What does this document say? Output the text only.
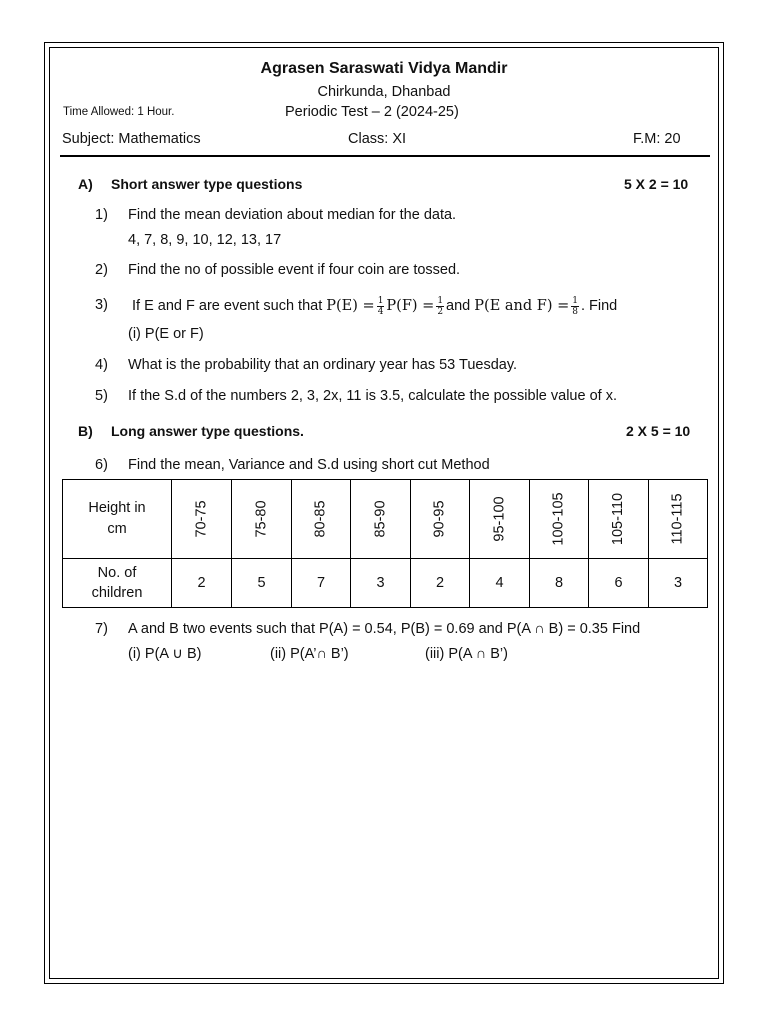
Agrasen Saraswati Vidya Mandir
Chirkunda, Dhanbad
Time Allowed: 1 Hour.	Periodic Test – 2 (2024-25)
Subject: Mathematics	Class: XI	F.M: 20
A) Short answer type questions	5 X 2 = 10
1) Find the mean deviation about median for the data.
4, 7, 8, 9, 10, 12, 13, 17
2) Find the no of possible event if four coin are tossed.
3) If E and F are event such that
$P(E) = \frac{1}{4} P(F) = \frac{1}{2}$ and
P(E and $F) = \frac{1}{8}$ . Find
(i) P(E or F)
4) What is the probability that an ordinary year has 53 Tuesday.
5) If the S.d of the numbers 2, 3, 2x, 11 is 3.5, calculate the possible value of x.
B) Long answer type questions.	2 X 5 = 10
6) Find the mean, Variance and S.d using short cut Method
Height in
cm	70-75	75-80	80-85	85-90	90-95	95-100	100-105	105-110	110-115
No. of
children	2	5	7	3	2	4	8	6	3
7) A and B two events such that P(A) = 0.54, P(B) = 0.69 and P(A ∩ B) = 0.35 Find
(i) P(A ∪ B)	(ii) P(A’∩ B’)	(iii) P(A ∩ B’)
